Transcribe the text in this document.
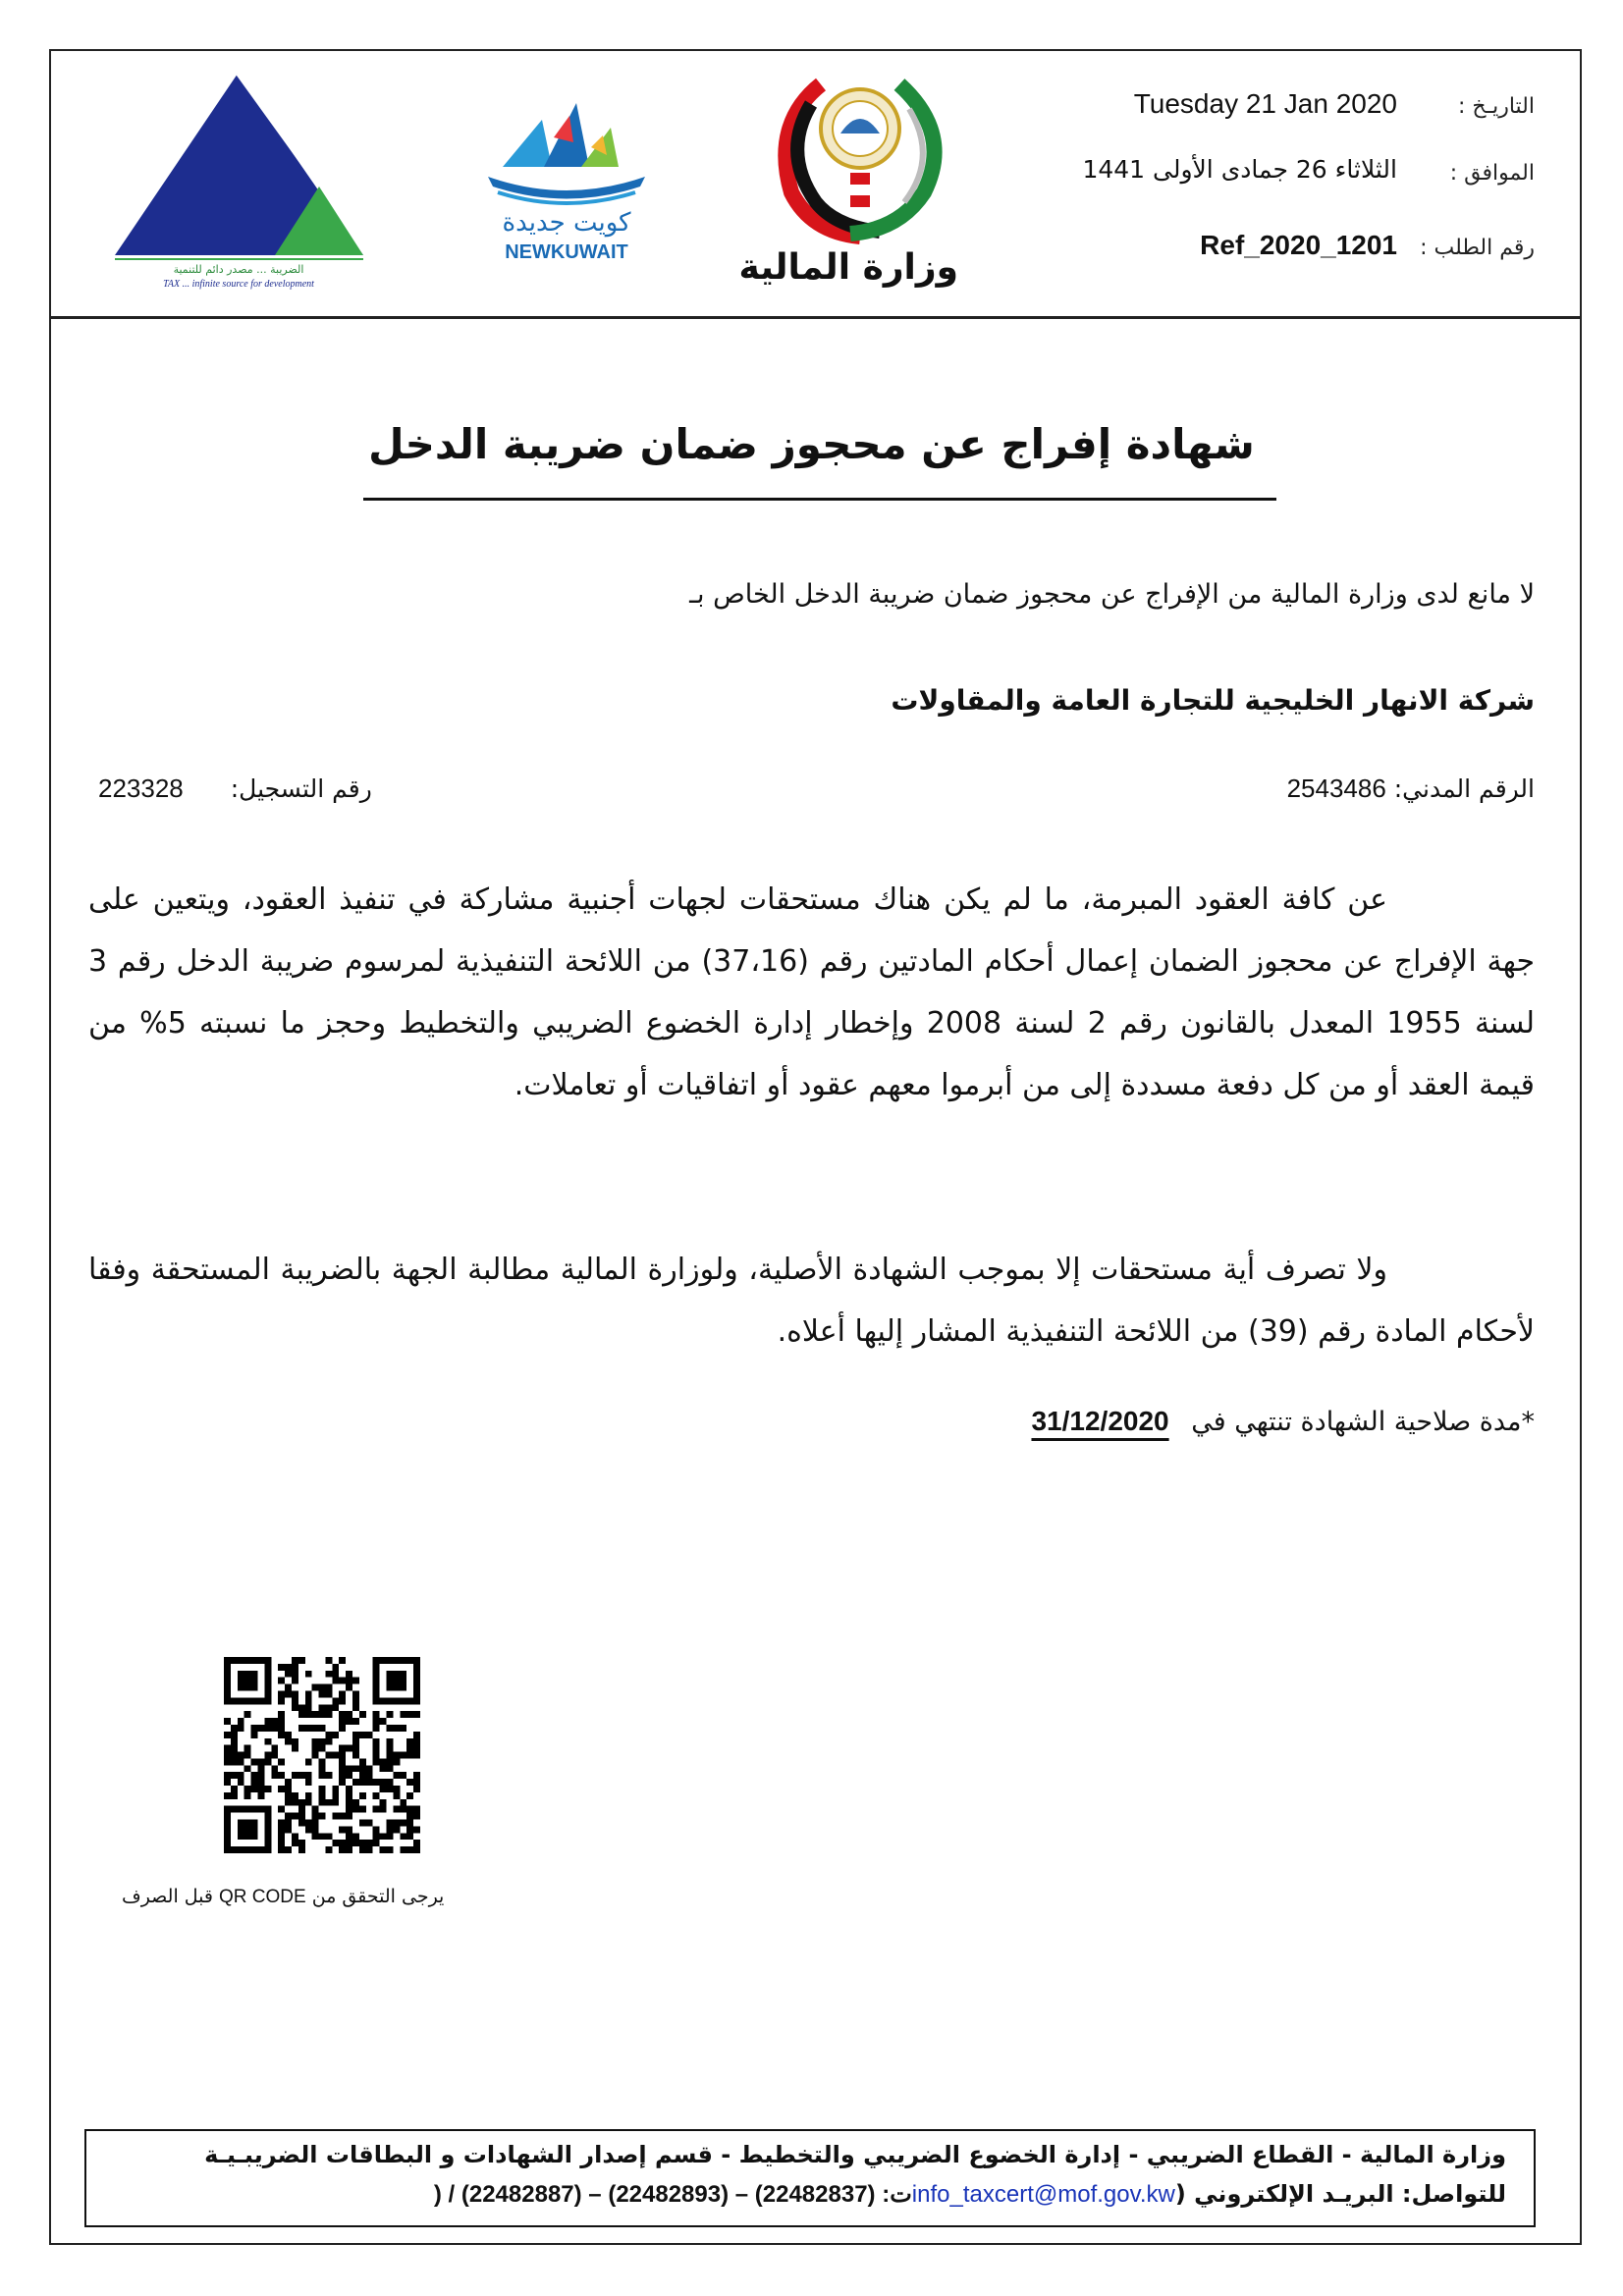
الضريبة ... مصدر دائم للتنمية
TAX ... infinite source for development
كويت جديدة
NEWKUWAIT	وزارة المالية
التاريـخ :
Tuesday 21 Jan 2020
الموافق :
الثلاثاء 26 جمادى الأولى 1441
رقم الطلب :
Ref_2020_1201
شهادة إفراج عن محجوز ضمان ضريبة الدخل
لا مانع لدى وزارة المالية من الإفراج عن محجوز ضمان ضريبة الدخل الخاص بـ
شركة الانهار الخليجية للتجارة العامة والمقاولات
الرقم المدني: 2543486
رقم التسجيل: 223328
عن كافة العقود المبرمة، ما لم يكن هناك مستحقات لجهات أجنبية مشاركة في تنفيذ العقود، ويتعين على جهة الإفراج عن محجوز الضمان إعمال أحكام المادتين رقم (37،16) من اللائحة التنفيذية لمرسوم ضريبة الدخل رقم 3 لسنة 1955 المعدل بالقانون رقم 2 لسنة 2008 وإخطار إدارة الخضوع الضريبي والتخطيط وحجز ما نسبته 5% من قيمة العقد أو من كل دفعة مسددة إلى من أبرموا معهم عقود أو اتفاقيات أو تعاملات.
ولا تصرف أية مستحقات إلا بموجب الشهادة الأصلية، ولوزارة المالية مطالبة الجهة بالضريبة المستحقة وفقا لأحكام المادة رقم (39) من اللائحة التنفيذية المشار إليها أعلاه.
*مدة صلاحية الشهادة تنتهي في 31/12/2020
يرجى التحقق من QR CODE قبل الصرف
وزارة المالية - القطاع الضريبي - إدارة الخضوع الضريبي والتخطيط - قسم إصدار الشهادات و البطاقات الضريبـيـة
للتواصل: البريـد الإلكتروني (info_taxcert@mof.gov.kw) / ت: (22482837) – (22482893) – (22482887)
